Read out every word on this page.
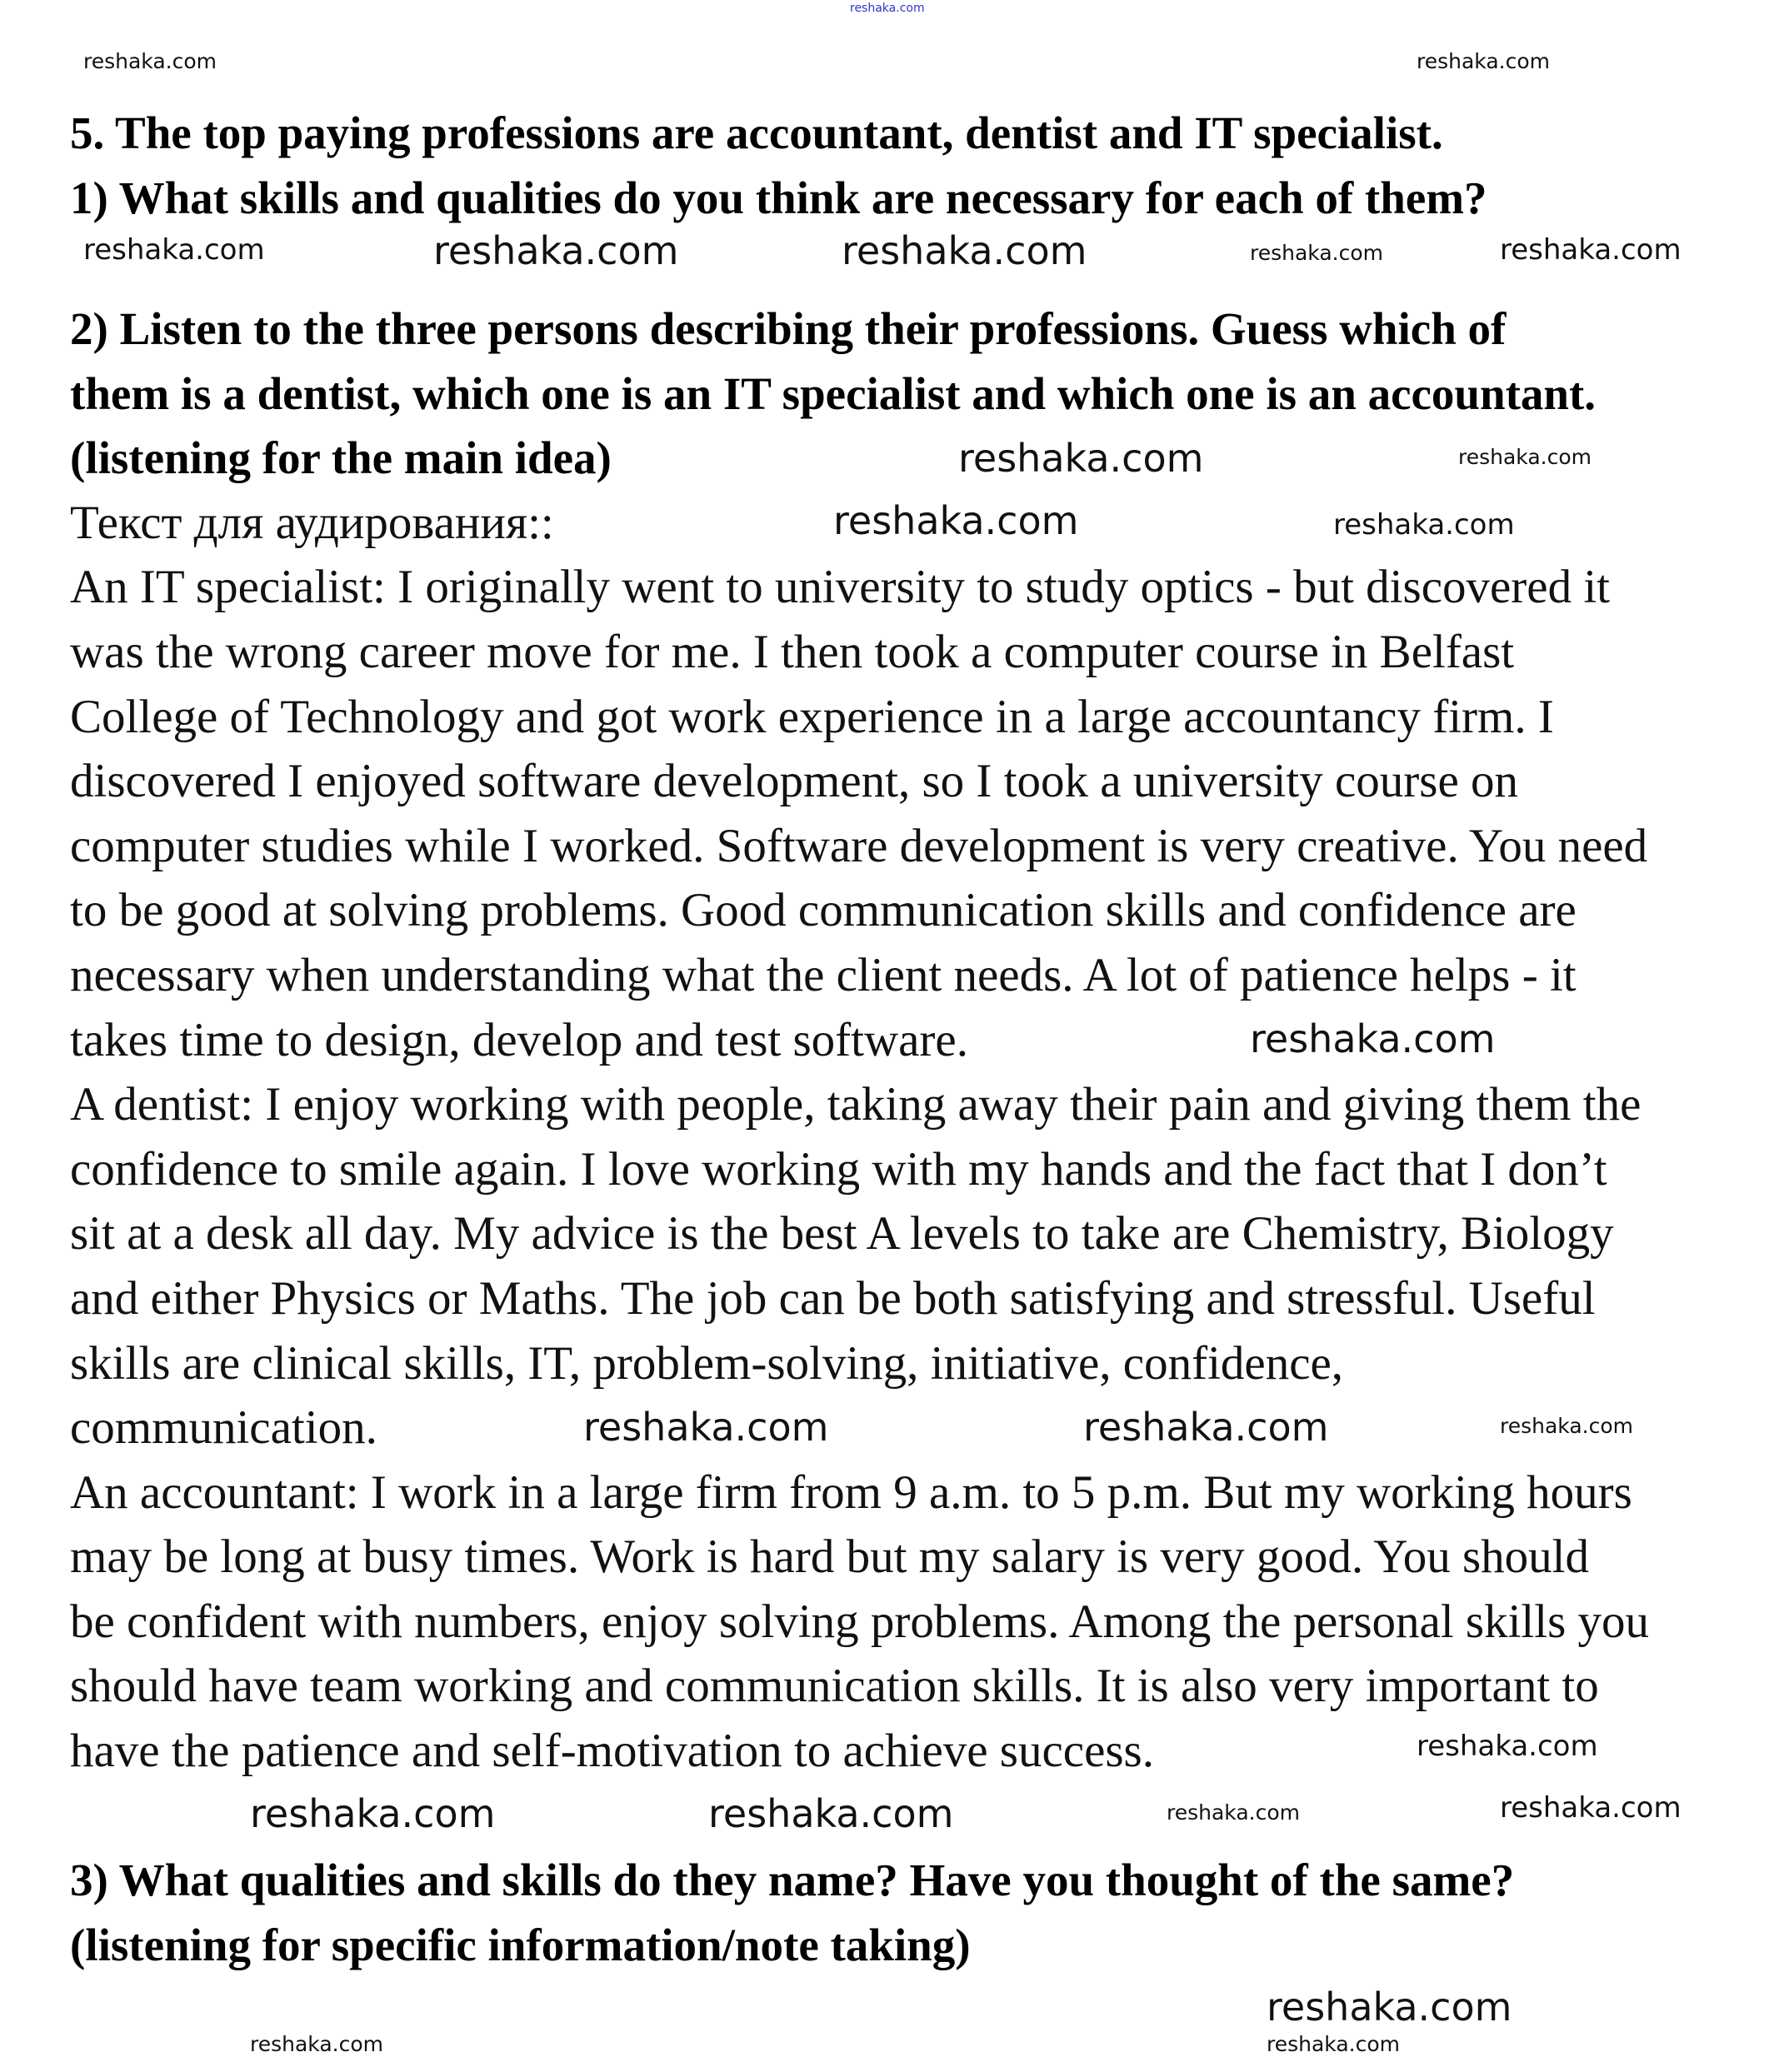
reshaka.com
5. The top paying professions are accountant, dentist and IT specialist.
1) What skills and qualities do you think are necessary for each of them?
2) Listen to the three persons describing their professions. Guess which of
them is a dentist, which one is an IT specialist and which one is an accountant.
(listening for the main idea)
Текст для аудирования::
An IT specialist: I originally went to university to study optics - but discovered it
was the wrong career move for me. I then took a computer course in Belfast
College of Technology and got work experience in a large accountancy firm. I
discovered I enjoyed software development, so I took a university course on
computer studies while I worked. Software development is very creative. You need
to be good at solving problems. Good communication skills and confidence are
necessary when understanding what the client needs. A lot of patience helps - it
takes time to design, develop and test software.
A dentist: I enjoy working with people, taking away their pain and giving them the
confidence to smile again. I love working with my hands and the fact that I don’t
sit at a desk all day. My advice is the best A levels to take are Chemistry, Biology
and either Physics or Maths. The job can be both satisfying and stressful. Useful
skills are clinical skills, IT, problem-solving, initiative, confidence,
communication.
An accountant: I work in a large firm from 9 a.m. to 5 p.m. But my working hours
may be long at busy times. Work is hard but my salary is very good. You should
be confident with numbers, enjoy solving problems. Among the personal skills you
should have team working and communication skills. It is also very important to
have the patience and self-motivation to achieve success.
3) What qualities and skills do they name? Have you thought of the same?
(listening for specific information/note taking)
reshaka.com	reshaka.com
reshaka.com	reshaka.com	reshaka.com	reshaka.com	reshaka.com
reshaka.com	reshaka.com
reshaka.com	reshaka.com
reshaka.com
reshaka.com	reshaka.com	reshaka.com
reshaka.com
reshaka.com	reshaka.com	reshaka.com	reshaka.com
reshaka.com
reshaka.com
reshaka.com
